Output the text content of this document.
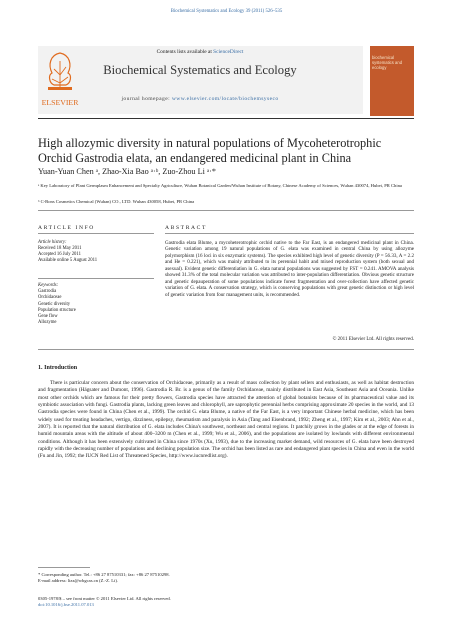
Biochemical Systematics and Ecology 39 (2011) 526–535
ELSEVIER
Contents lists available at ScienceDirect
Biochemical Systematics and Ecology
journal homepage: www.elsevier.com/locate/biochemsyseco
biochemical systematics and ecology
High allozymic diversity in natural populations of Mycoheterotrophic Orchid Gastrodia elata, an endangered medicinal plant in China
Yuan-Yuan Chen ᵃ, Zhao-Xia Bao ᵃ·ᵇ, Zuo-Zhou Li ᵃ·*
ᵃ Key Laboratory of Plant Germplasm Enhancement and Specialty Agriculture, Wuhan Botanical Garden/Wuhan Institute of Botany, Chinese Academy of Sciences, Wuhan 430074, Hubei, PR China
ᵇ C-Bons Cosmetics Chemical (Wuhan) CO., LTD. Wuhan 430058, Hubei, PR China
ARTICLE INFO	ABSTRACT
Article history:
Received 18 May 2011
Accepted 16 July 2011
Available online 5 August 2011
Keywords:
Gastrodia
Orchidaceae
Genetic diversity
Population structure
Gene flow
Allozyme
Gastrodia elata Blume, a mycoheterotrophic orchid native to the Far East, is an endangered medicinal plant in China. Genetic variation among 19 natural populations of G. elata was examined in central China by using allozyme polymorphism (16 loci in six enzymatic systems). The species exhibited high level of genetic diversity (P = 56.33, A = 2.2 and He = 0.221), which was mainly attributed to its perennial habit and mixed reproduction system (both sexual and asexual). Evident genetic differentiation in G. elata natural populations was suggested by FST = 0.241. AMOVA analysis showed 31.3% of the total molecular variation was attributed to inter-population differentiation. Obvious genetic structure and genetic depauperation of some populations indicate forest fragmentation and over-collection have affected genetic variation of G. elata. A conservation strategy, which is conserving populations with great genetic distinction or high level of genetic variation from four management units, is recommended.
© 2011 Elsevier Ltd. All rights reserved.
1. Introduction
There is particular concern about the conservation of Orchidaceae, primarily as a result of mass collection by plant sellers and enthusiasts, as well as habitat destruction and fragmentation (Hágsater and Dumont, 1996). Gastrodia R. Br. is a genus of the family Orchidaceae, mainly distributed in East Asia, Southeast Asia and Oceania. Unlike most other orchids which are famous for their pretty flowers, Gastrodia species have attracted the attention of global botanists because of its pharmaceutical value and its symbiotic association with fungi. Gastrodia plants, lacking green leaves and chlorophyll, are saprophytic perennial herbs comprising approximate 20 species in the world, and 13 Gastrodia species were found in China (Chen et al., 1999). The orchid G. elata Blume, a native of the Far East, is a very important Chinese herbal medicine, which has been widely used for treating headaches, vertigo, dizziness, epilepsy, rheumatism and paralysis in Asia (Tang and Eisenbrand, 1992; Zheng et al., 1997; Kim et al., 2003; Ahn et al., 2007). It is reported that the natural distribution of G. elata includes China's southwest, northeast and central regions. It patchily grows in the glades or at the edge of forests in humid mountain areas with the altitude of about 400–3200 m (Chen et al., 1999; Wu et al., 2006), and the populations are isolated by lowlands with different environmental conditions. Although it has been extensively cultivated in China since 1970s (Xu, 1993), due to the increasing market demand, wild resources of G. elata have been destroyed rapidly with the decreasing number of populations and declining population size. The orchid has been listed as rare and endangered plant species in China and even in the world (Fu and Jin, 1992; the IUCN Red List of Threatened Species, http://www.iucnredlist.org).
* Corresponding author. Tel.: +86 27 87510331; fax: +86 27 87510298.
E-mail address: lizz@wbgcas.cn (Z.-Z. Li).
0305-1978/$ – see front matter © 2011 Elsevier Ltd. All rights reserved.
doi:10.1016/j.bse.2011.07.013
